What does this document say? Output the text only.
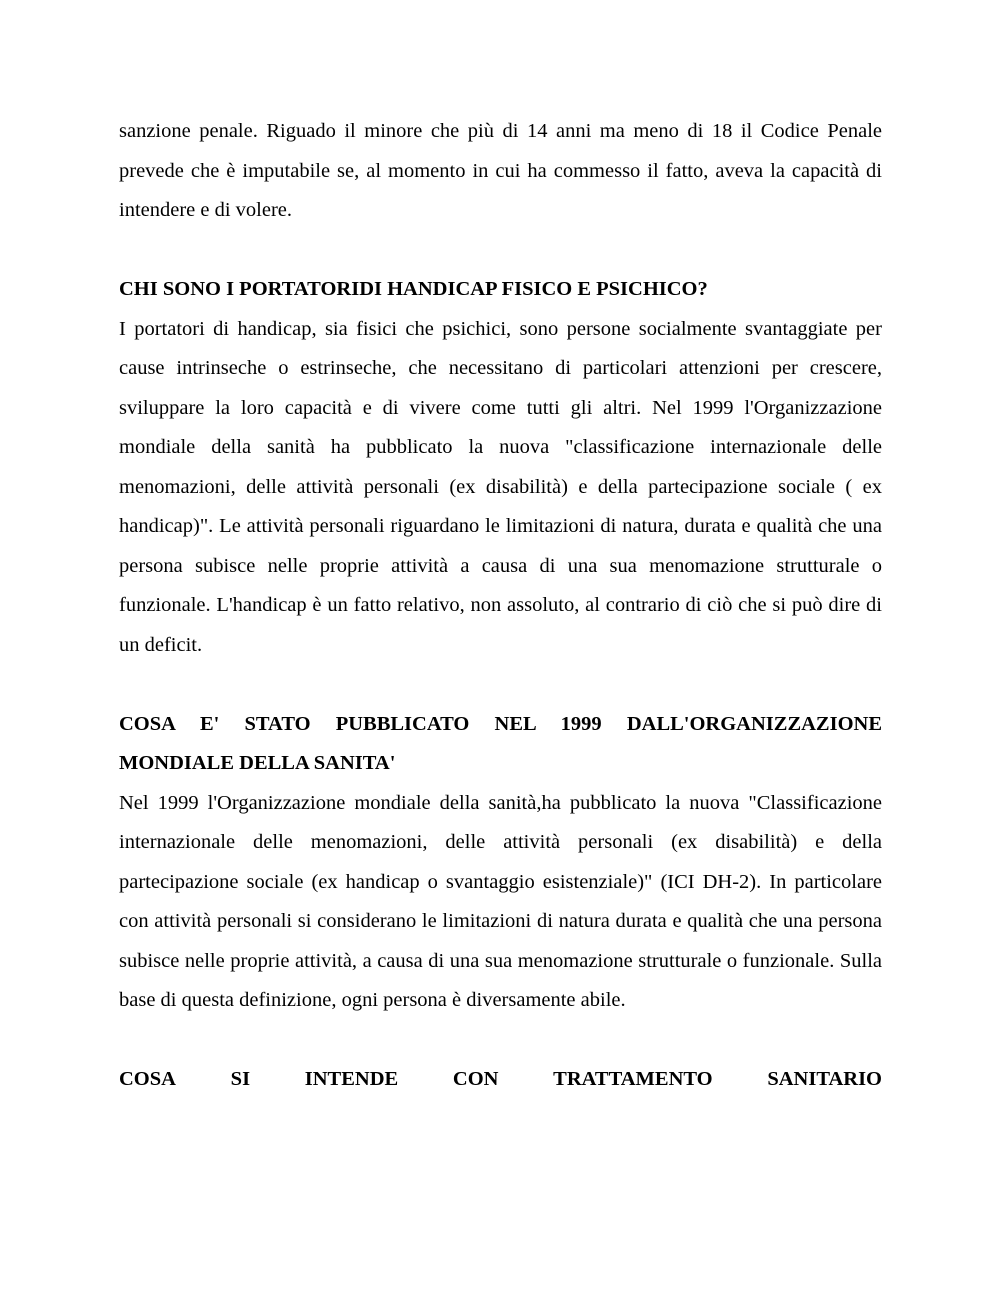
sanzione penale. Riguado il minore che più di 14 anni ma meno di 18 il Codice Penale prevede che è imputabile se, al momento in cui ha commesso il fatto, aveva la capacità di intendere e di volere.

CHI SONO I PORTATORIDI HANDICAP FISICO E PSICHICO?

I portatori di handicap, sia fisici che psichici, sono persone socialmente svantaggiate per cause intrinseche o estrinseche, che necessitano di particolari attenzioni per crescere, sviluppare la loro capacità e di vivere come tutti gli altri. Nel 1999 l'Organizzazione mondiale della sanità ha pubblicato la nuova "classificazione internazionale delle menomazioni, delle attività personali (ex disabilità) e della partecipazione sociale ( ex handicap)". Le attività personali riguardano le limitazioni di natura, durata e qualità che una persona subisce nelle proprie attività a causa di una sua menomazione strutturale o funzionale. L'handicap è un fatto relativo, non assoluto, al contrario di ciò che si può dire di un deficit.

COSA E' STATO PUBBLICATO NEL 1999 DALL'ORGANIZZAZIONE MONDIALE DELLA SANITA'

Nel 1999 l'Organizzazione mondiale della sanità,ha pubblicato la nuova "Classificazione internazionale delle menomazioni, delle attività personali (ex disabilità) e della partecipazione sociale (ex handicap o svantaggio esistenziale)" (ICI DH-2). In particolare con attività personali si considerano le limitazioni di natura durata e qualità che una persona subisce nelle proprie attività, a causa di una sua menomazione strutturale o funzionale. Sulla base di questa definizione, ogni persona è diversamente abile.

COSA	SI	INTENDE	CON	TRATTAMENTO	SANITARIO
